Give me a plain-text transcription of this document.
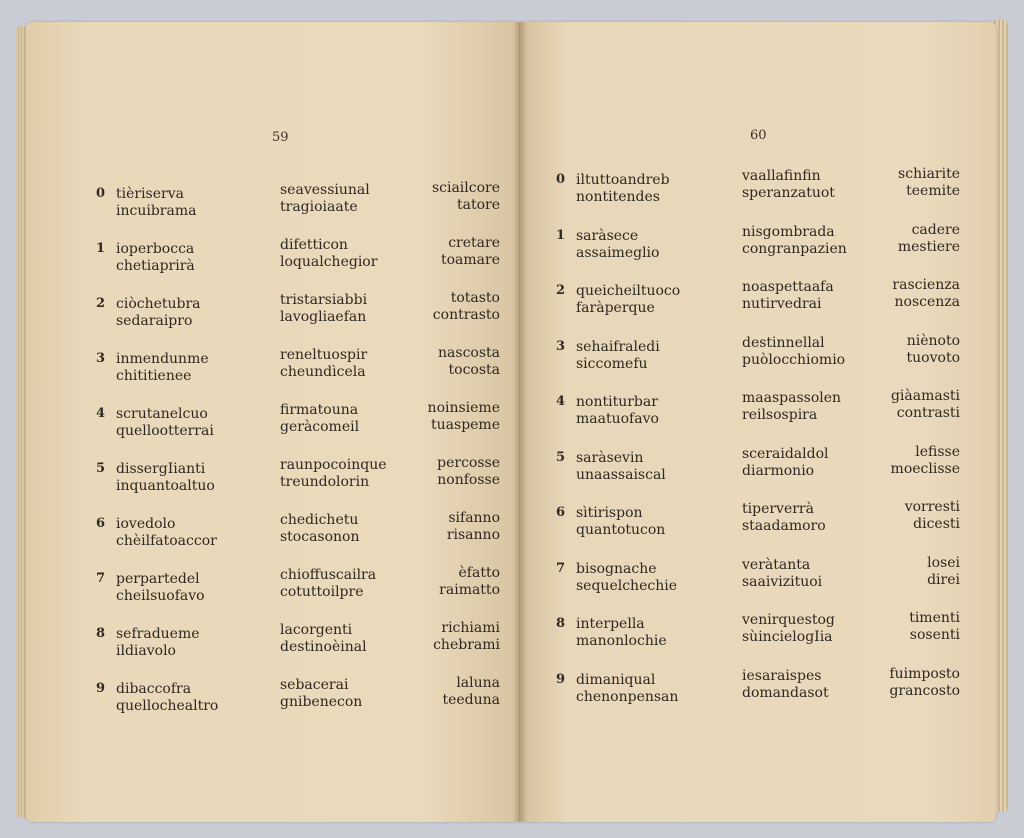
59
0 tièriserva
incuibrama
seavessiunal
tragioiaate
sciailcore
tatore
1 ioperbocca
chetiaprirà
difetticon
loqualchegior
cretare
toamare
2 ciòchetubra
sedaraipro
tristarsiabbi
lavogliaefan
totasto
contrasto
3 inmendunme
chititienee
reneltuospir
cheundìcela
nascosta
tocosta
4 scrutanelcuo
quellootterrai
firmatouna
geràcomeil
noinsieme
tuaspeme
5 dissergIianti
inquantoaltuo
raunpocoinque
treundolorin
percosse
nonfosse
6 iovedolo
chèilfatoaccor
chedichetu
stocasonon
sifanno
risanno
7 perpartedel
cheilsuofavo
chioffuscailra
cotuttoilpre
èfatto
raimatto
8 sefradueme
ildiavolo
lacorgenti
destinoèinal
richiami
chebrami
9 dibaccofra
quellochealtro
sebacerai
gnibenecon
laluna
teeduna
60
0 iltuttoandreb
nontitendes
vaallafinfin
speranzatuot
schiarite
teemite
1 saràsece
assaimeglio
nisgombrada
congranpazien
cadere
mestiere
2 queicheiltuoco
faràperque
noaspettaafa
nutirvedrai
rascienza
noscenza
3 sehaifraledi
siccomefu
destinnellal
puòlocchiomio
niènoto
tuovoto
4 nontiturbar
maatuofavo
maaspassolen
reilsospira
giàamasti
contrasti
5 saràsevin
unaassaiscal
sceraidaldol
diarmonio
lefisse
moeclisse
6 sìtirispon
quantotucon
tiperverrà
staadamoro
vorresti
dicesti
7 bisognache
sequelchechie
veràtanta
saaivizituoi
losei
direi
8 interpella
manonlochie
venirquestog
sùincielogIia
timenti
sosenti
9 dimaniqual
chenonpensan
iesaraispes
domandasot
fuimposto
grancosto
